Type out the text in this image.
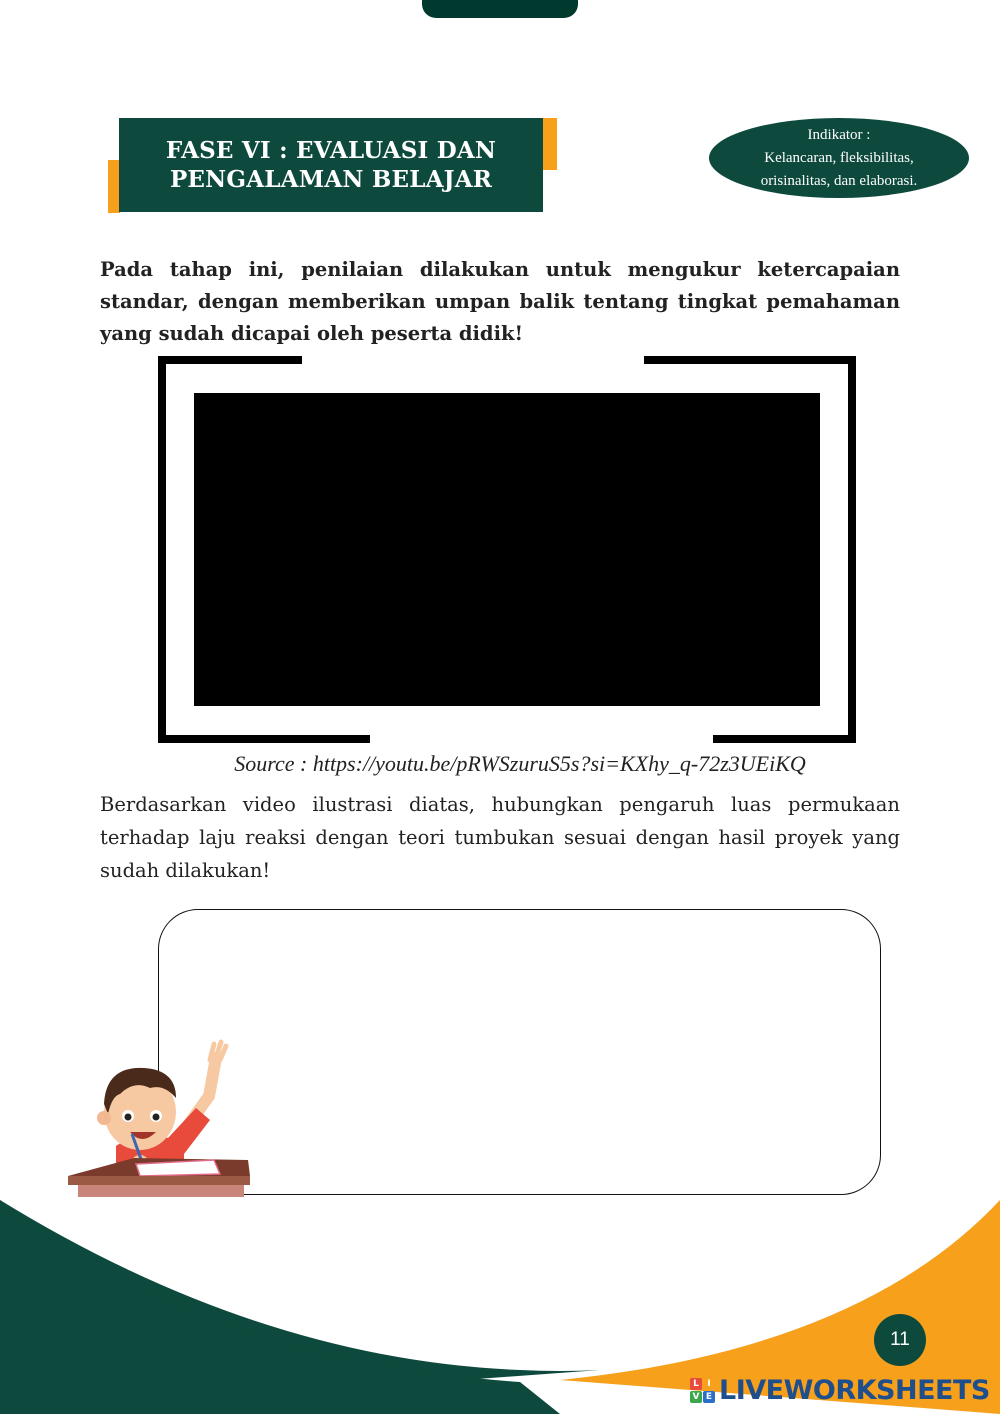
FASE VI : EVALUASI DAN
PENGALAMAN BELAJAR
Indikator :
Kelancaran, fleksibilitas,
orisinalitas, dan elaborasi.
Pada tahap ini, penilaian dilakukan untuk mengukur ketercapaian standar, dengan memberikan umpan balik tentang tingkat pemahaman yang sudah dicapai oleh peserta didik!
Source : https://youtu.be/pRWSzuruS5s?si=KXhy_q-72z3UEiKQ
Berdasarkan video ilustrasi diatas, hubungkan pengaruh luas permukaan terhadap laju reaksi dengan teori tumbukan sesuai dengan hasil proyek yang sudah dilakukan!
11
L I
V E LIVEWORKSHEETS
